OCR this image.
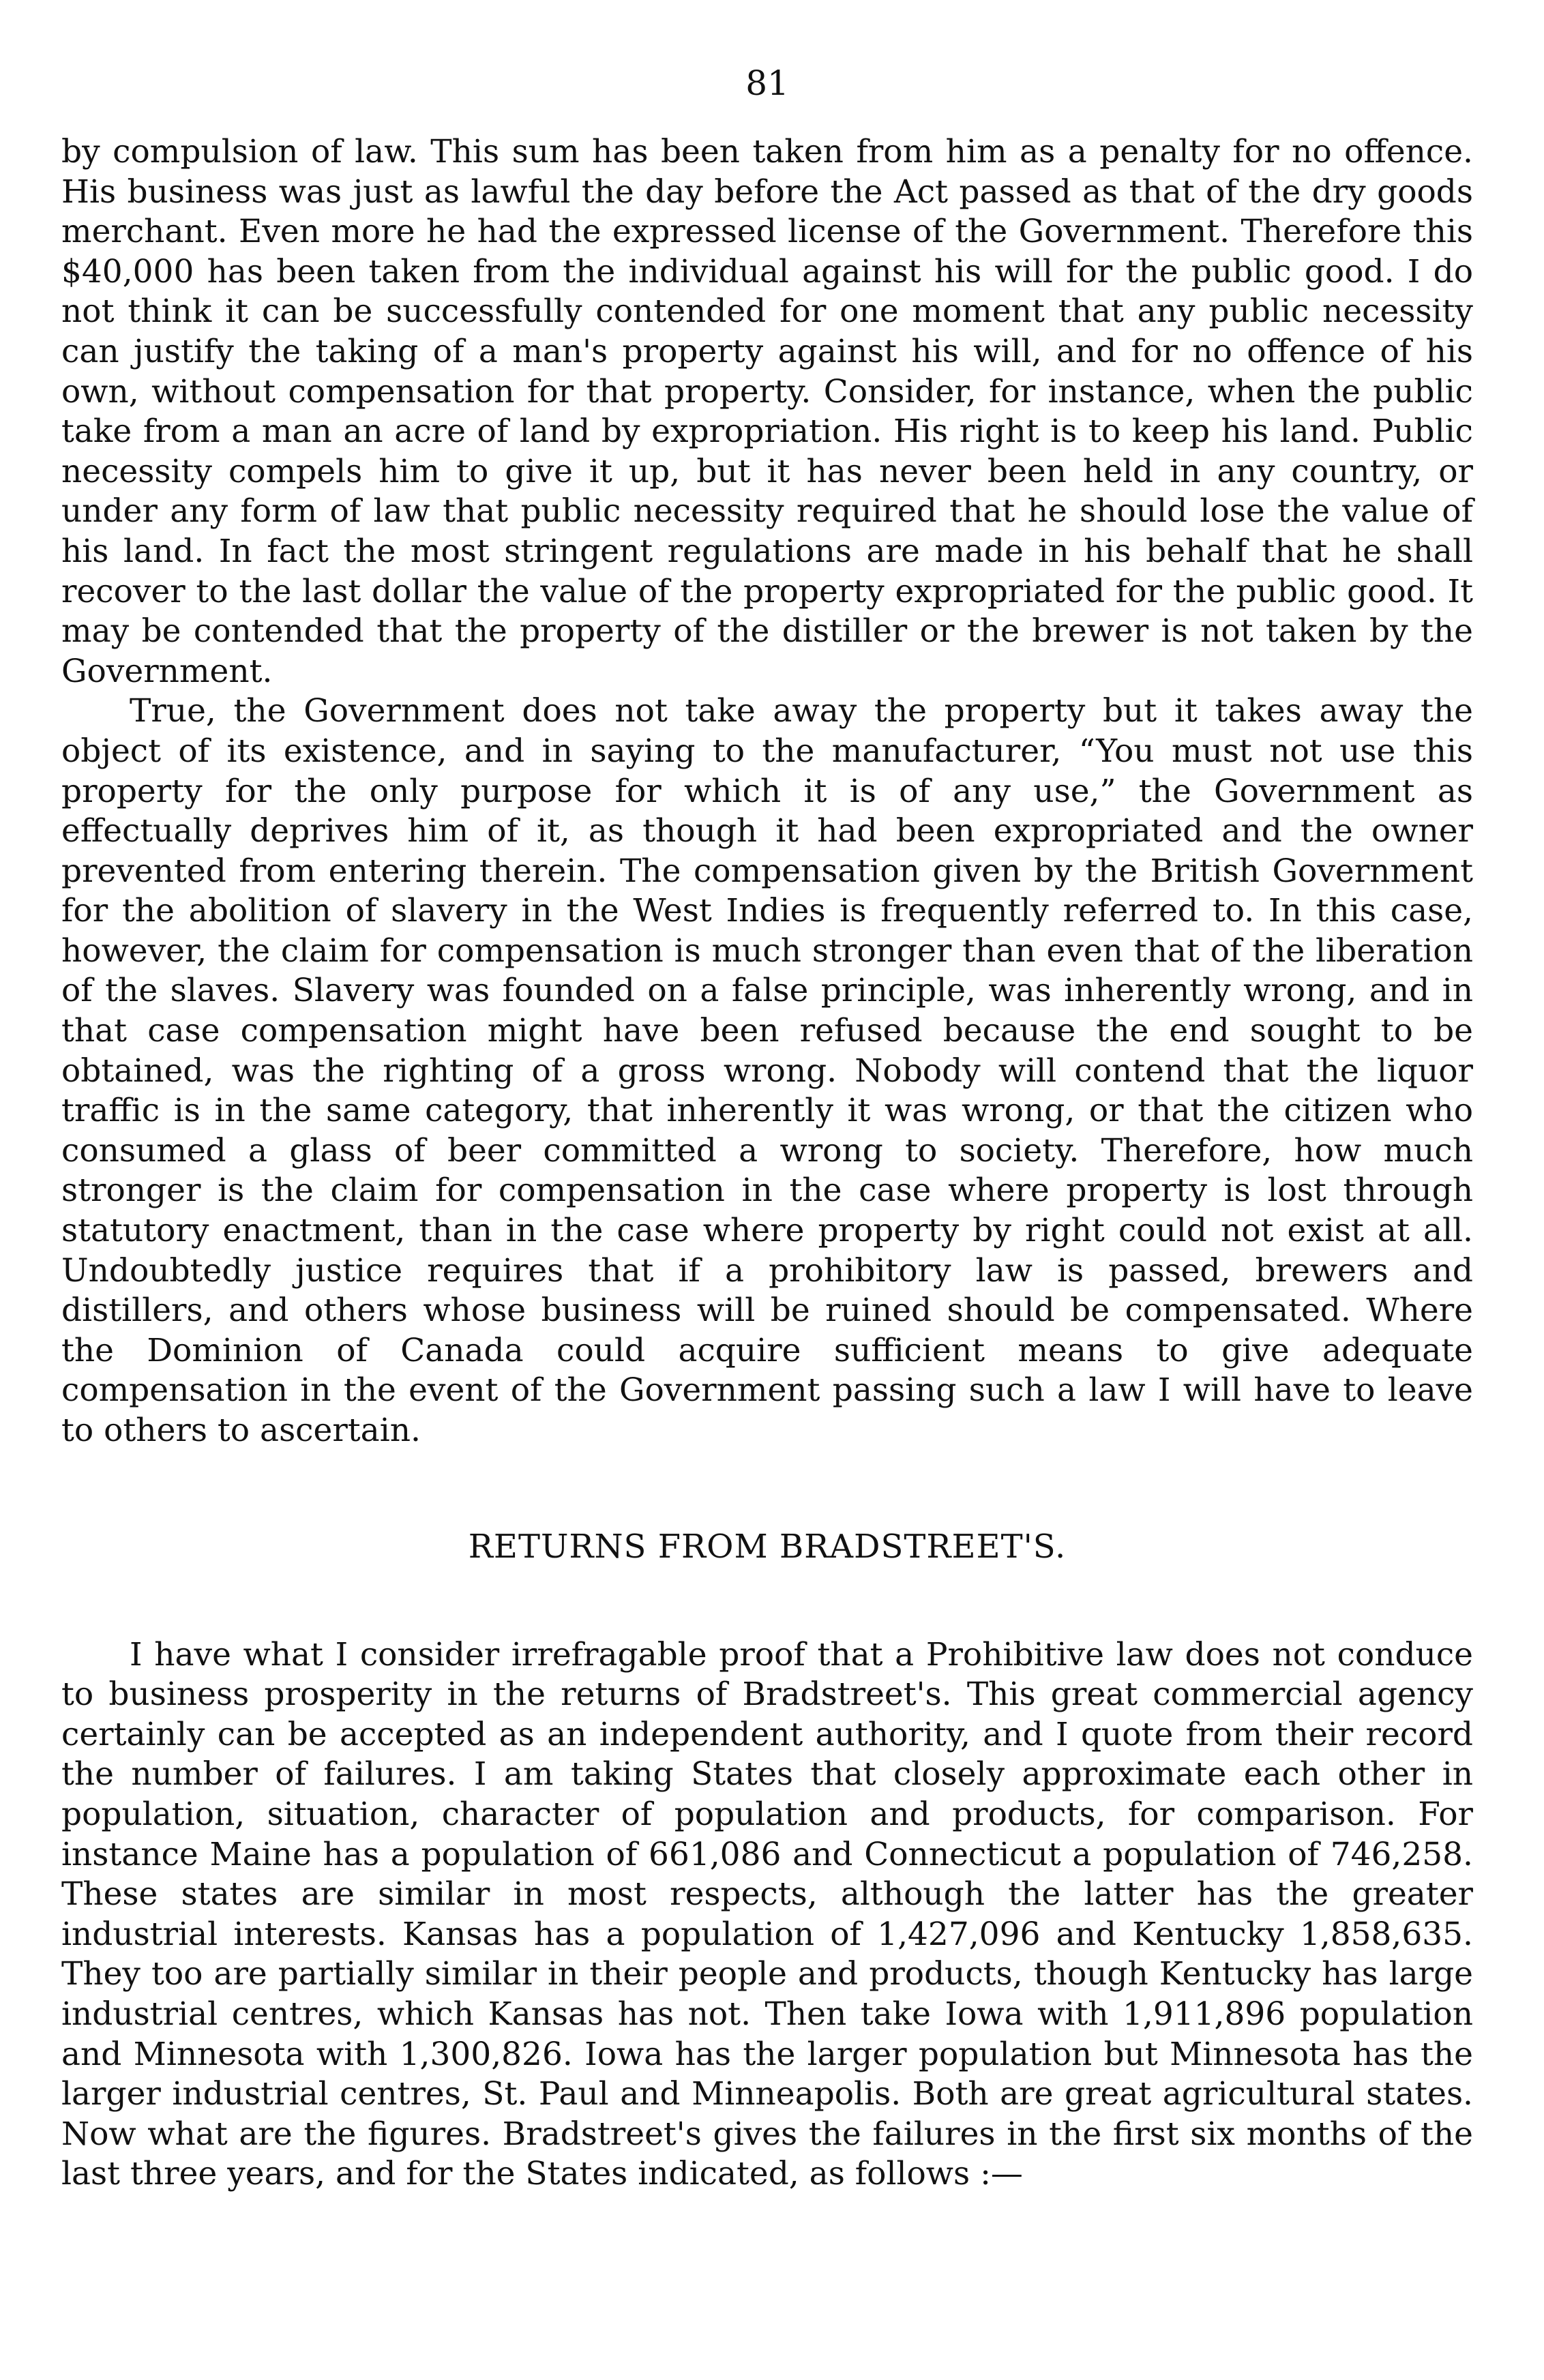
81

by compulsion of law. This sum has been taken from him as a penalty for no offence. His business was just as lawful the day before the Act passed as that of the dry goods merchant. Even more he had the expressed license of the Government. Therefore this $40,000 has been taken from the individual against his will for the public good. I do not think it can be successfully contended for one moment that any public necessity can justify the taking of a man's property against his will, and for no offence of his own, without compensation for that property. Consider, for instance, when the public take from a man an acre of land by expropriation. His right is to keep his land. Public necessity compels him to give it up, but it has never been held in any country, or under any form of law that public necessity required that he should lose the value of his land. In fact the most stringent regulations are made in his behalf that he shall recover to the last dollar the value of the property expropriated for the public good. It may be contended that the property of the distiller or the brewer is not taken by the Government.

True, the Government does not take away the property but it takes away the object of its existence, and in saying to the manufacturer, “You must not use this property for the only purpose for which it is of any use,” the Government as effectually deprives him of it, as though it had been expropriated and the owner prevented from entering therein. The compensation given by the British Government for the abolition of slavery in the West Indies is frequently referred to. In this case, however, the claim for compensation is much stronger than even that of the liberation of the slaves. Slavery was founded on a false principle, was inherently wrong, and in that case compensation might have been refused because the end sought to be obtained, was the righting of a gross wrong. Nobody will contend that the liquor traffic is in the same category, that inherently it was wrong, or that the citizen who consumed a glass of beer committed a wrong to society. Therefore, how much stronger is the claim for compensation in the case where property is lost through statutory enactment, than in the case where property by right could not exist at all. Undoubtedly justice requires that if a prohibitory law is passed, brewers and distillers, and others whose business will be ruined should be compensated. Where the Dominion of Canada could acquire sufficient means to give adequate compensation in the event of the Government passing such a law I will have to leave to others to ascertain.

RETURNS FROM BRADSTREET'S.

I have what I consider irrefragable proof that a Prohibitive law does not conduce to business prosperity in the returns of Bradstreet's. This great commercial agency certainly can be accepted as an independent authority, and I quote from their record the number of failures. I am taking States that closely approximate each other in population, situation, character of population and products, for comparison. For instance Maine has a population of 661,086 and Connecticut a population of 746,258. These states are similar in most respects, although the latter has the greater industrial interests. Kansas has a population of 1,427,096 and Kentucky 1,858,635. They too are partially similar in their people and products, though Kentucky has large industrial centres, which Kansas has not. Then take Iowa with 1,911,896 population and Minnesota with 1,300,826. Iowa has the larger population but Minnesota has the larger industrial centres, St. Paul and Minneapolis. Both are great agricultural states. Now what are the figures. Bradstreet's gives the failures in the first six months of the last three years, and for the States indicated, as follows :—
